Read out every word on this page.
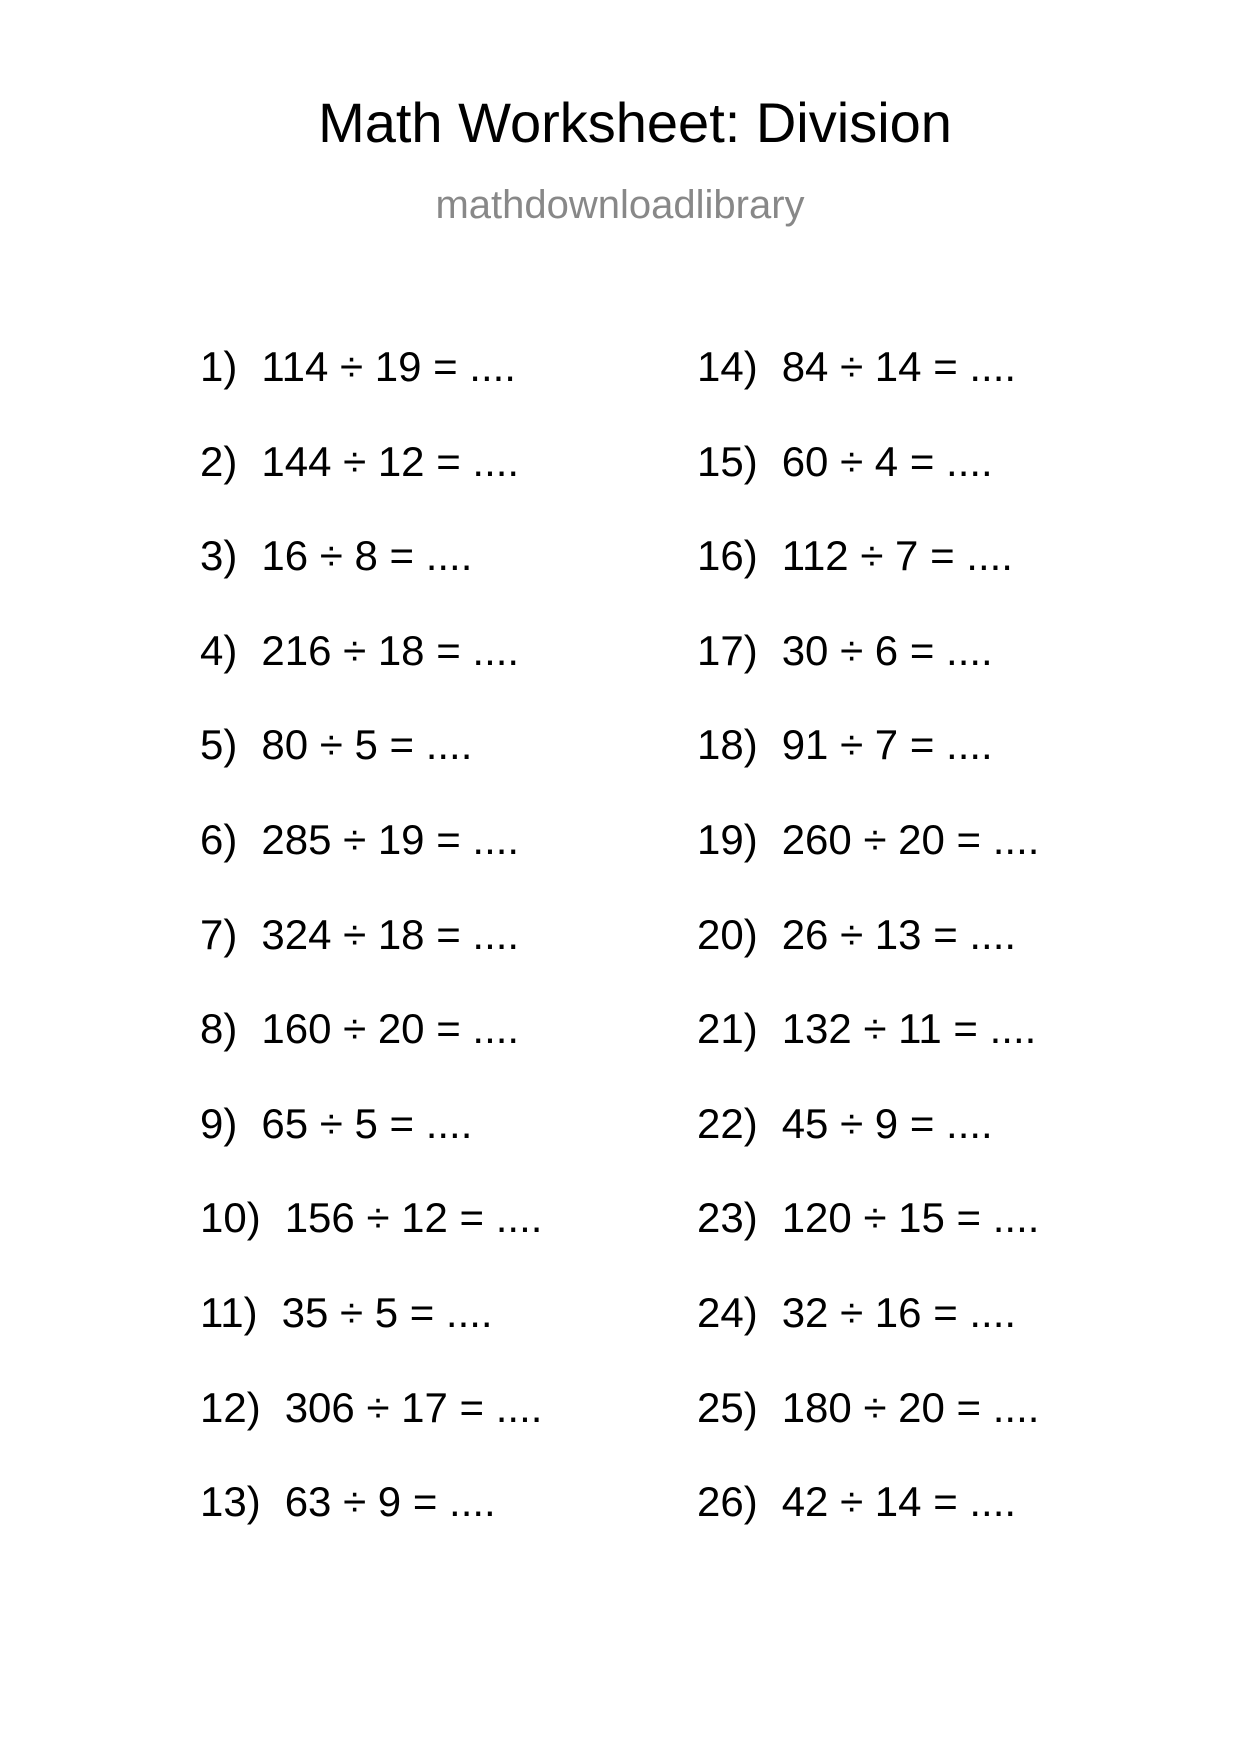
Math Worksheet: Division
mathdownloadlibrary
1) 114 ÷ 19 = ....
2) 144 ÷ 12 = ....
3) 16 ÷ 8 = ....
4) 216 ÷ 18 = ....
5) 80 ÷ 5 = ....
6) 285 ÷ 19 = ....
7) 324 ÷ 18 = ....
8) 160 ÷ 20 = ....
9) 65 ÷ 5 = ....
10) 156 ÷ 12 = ....
11) 35 ÷ 5 = ....
12) 306 ÷ 17 = ....
13) 63 ÷ 9 = ....
14) 84 ÷ 14 = ....
15) 60 ÷ 4 = ....
16) 112 ÷ 7 = ....
17) 30 ÷ 6 = ....
18) 91 ÷ 7 = ....
19) 260 ÷ 20 = ....
20) 26 ÷ 13 = ....
21) 132 ÷ 11 = ....
22) 45 ÷ 9 = ....
23) 120 ÷ 15 = ....
24) 32 ÷ 16 = ....
25) 180 ÷ 20 = ....
26) 42 ÷ 14 = ....
